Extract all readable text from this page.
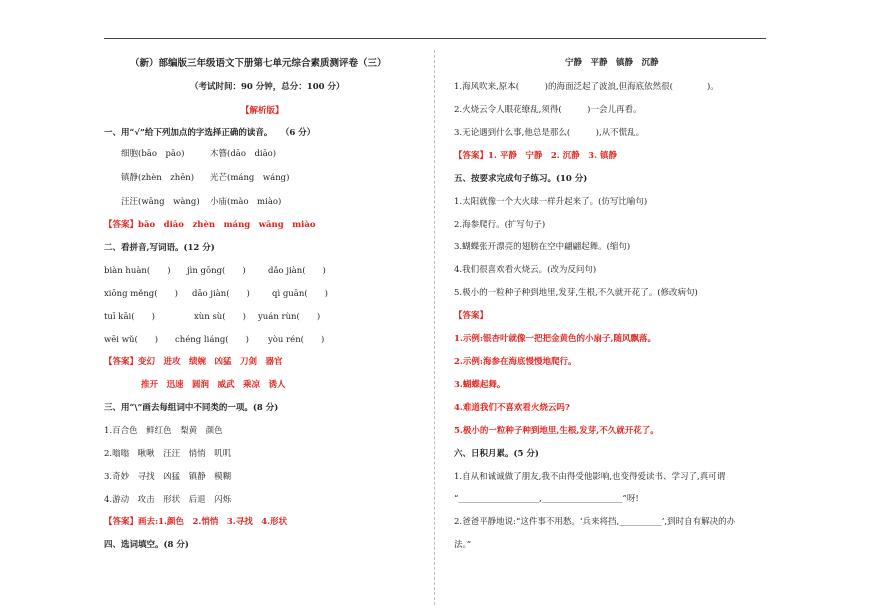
（新）部编版三年级语文下册第七单元综合素质测评卷（三）
（考试时间：90 分钟，总分：100 分）
【解析版】
一、用“√”给下列加点的字选择正确的读音。　　（6 分）
细胞(bāo　pāo)	木簪(dāo　diāo)
镇静(zhèn　zhēn) 光芒(máng　wáng)
汪汪(wāng　wàng) 小庙(mào　miào)
【答案】bāo　diāo　zhèn　máng　wāng　miào
二、看拼音,写词语。(12 分)
biàn huàn(　　) jìn gōng(　　)	dǎo jiàn(　　)
xiōng měng(　　) dāo jiàn(　　)	qì guān(　　)
tuī kāi(　　)	xùn sù(　　) yuán rùn(　　)
wēi wǔ(　　) chéng liáng(　　) yòu rén(　　)
【答案】变幻　进攻　绩婉　凶猛　刀剑　器官
推开　迅速　圆润　威武　乘凉　诱人
三、用“\”画去每组词中不同类的一项。(8 分)
1.百合色　鲜红色　梨黄　颜色
2.嗡嗡　啾啾　汪汪　悄悄　叽叽
3.奇妙　寻找　凶猛　镇静　模糊
4.游动　攻击　形状　后退　闪烁
【答案】画去:1.颜色　2.悄悄　3.寻找　4.形状
四、选词填空。(8 分)
宁静　平静　镇静　沉静
1.海风吹来,原本(　　　)的海面泛起了波浪,但海底依然很(　　　　)。
2.火烧云令人眼花缭乱,须得(　　　)一会儿再看。
3.无论遇到什么事,他总是那么(　　　),从不慌乱。
【答案】1. 平静　宁静　2. 沉静　3. 镇静
五、按要求完成句子练习。(10 分)
1.太阳就像一个大火球一样升起来了。(仿写比喻句)
2.海参爬行。(扩写句子)
3.蝴蝶张开漂亮的翅膀在空中翩翩起舞。(缩句)
4.我们很喜欢看火烧云。(改为反问句)
5.极小的一粒种子种到地里,发芽,生根,不久就开花了。(修改病句)
【答案】
1.示例:银杏叶就像一把把金黄色的小扇子,随风飘落。
2.示例:海参在海底慢慢地爬行。
3.蝴蝶起舞。
4.难道我们不喜欢看火烧云吗?
5.极小的一粒种子种到地里,生根,发芽,不久就开花了。
六、日积月累。(5 分)
1.自从和诚诚做了朋友,我不由得受他影响,也变得爱读书、学习了,真可谓
“___________________,___________________”呀!
2.爸爸平静地说:“这件事不用愁。‘兵来将挡,__________’,到时自有解决的办
法。”
